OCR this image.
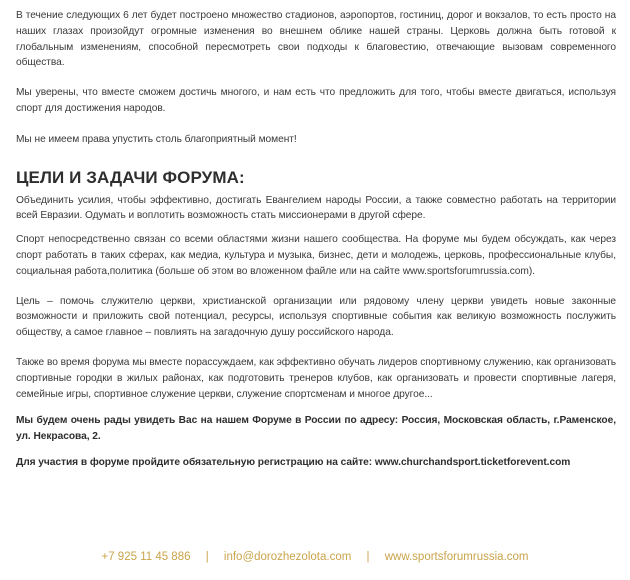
В течение следующих 6 лет будет построено множество стадионов, аэропортов, гостиниц, дорог и вокзалов, то есть просто на наших глазах произойдут огромные изменения во внешнем облике нашей страны. Церковь должна быть готовой к глобальным изменениям, способной пересмотреть свои подходы к благовестию, отвечающие вызовам современного общества.

Мы уверены, что вместе сможем достичь многого, и нам есть что предложить для того, чтобы вместе двигаться, используя спорт для достижения народов.

Мы не имеем права упустить столь благоприятный момент!

ЦЕЛИ И ЗАДАЧИ ФОРУМА:

Объединить усилия, чтобы эффективно, достигать Евангелием народы России, а также совместно работать на территории всей Евразии. Одумать и воплотить возможность стать миссионерами в другой сфере.

Спорт непосредственно связан со всеми областями жизни нашего сообщества. На форуме мы будем обсуждать, как через спорт работать в таких сферах, как медиа, культура и музыка, бизнес, дети и молодежь, церковь, профессиональные клубы, социальная работа,политика (больше об этом во вложенном файле или на сайте www.sportsforumrussia.com).

Цель – помочь служителю церкви, христианской организации или рядовому члену церкви увидеть новые законные возможности и приложить свой потенциал, ресурсы, используя спортивные события как великую возможность послужить обществу, а самое главное – повлиять на загадочную душу российского народа.

Также во время форума мы вместе порассуждаем, как эффективно обучать лидеров спортивному служению, как организовать спортивные городки в жилых районах, как подготовить тренеров клубов, как организовать и провести спортивные лагеря, семейные игры, спортивное служение церкви, служение спортсменам и многое другое...

Мы будем очень рады увидеть Вас на нашем Форуме в России по адресу: Россия, Московская область, г.Раменское, ул. Некрасова, 2.

Для участия в форуме пройдите обязательную регистрацию на сайте: www.churchandsport.ticketforevent.com

+7 925 11 45 886 | info@dorozhezolota.com | www.sportsforumrussia.com
